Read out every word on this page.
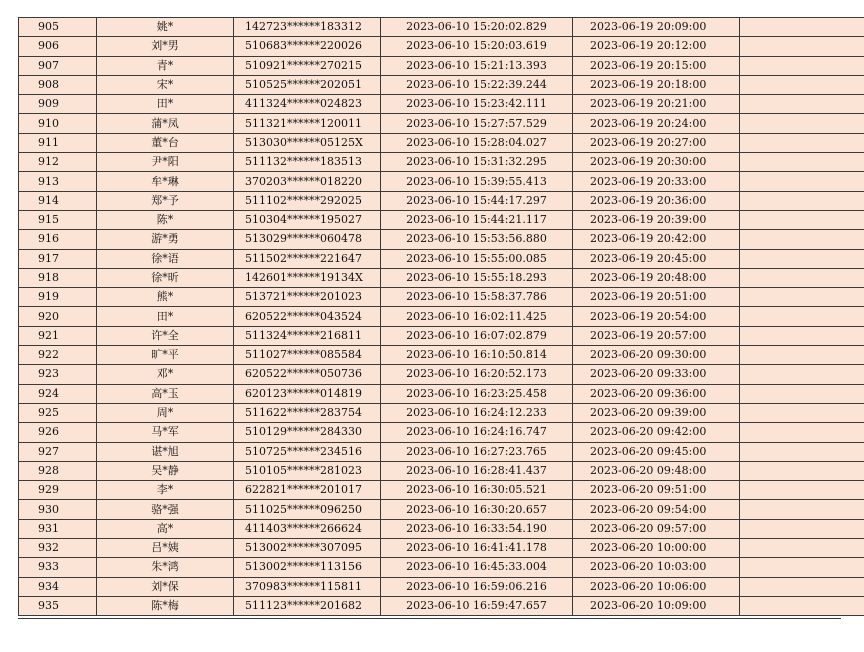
905	姚*	142723******183312	2023-06-10 15:20:02.829	2023-06-19 20:09:00	
906	刘*男	510683******220026	2023-06-10 15:20:03.619	2023-06-19 20:12:00	
907	青*	510921******270215	2023-06-10 15:21:13.393	2023-06-19 20:15:00	
908	宋*	510525******202051	2023-06-10 15:22:39.244	2023-06-19 20:18:00	
909	田*	411324******024823	2023-06-10 15:23:42.111	2023-06-19 20:21:00	
910	蒲*凤	511321******120011	2023-06-10 15:27:57.529	2023-06-19 20:24:00	
911	董*台	513030******05125X	2023-06-10 15:28:04.027	2023-06-19 20:27:00	
912	尹*阳	511132******183513	2023-06-10 15:31:32.295	2023-06-19 20:30:00	
913	牟*琳	370203******018220	2023-06-10 15:39:55.413	2023-06-19 20:33:00	
914	郑*予	511102******292025	2023-06-10 15:44:17.297	2023-06-19 20:36:00	
915	陈*	510304******195027	2023-06-10 15:44:21.117	2023-06-19 20:39:00	
916	游*勇	513029******060478	2023-06-10 15:53:56.880	2023-06-19 20:42:00	
917	徐*语	511502******221647	2023-06-10 15:55:00.085	2023-06-19 20:45:00	
918	徐*昕	142601******19134X	2023-06-10 15:55:18.293	2023-06-19 20:48:00	
919	熊*	513721******201023	2023-06-10 15:58:37.786	2023-06-19 20:51:00	
920	田*	620522******043524	2023-06-10 16:02:11.425	2023-06-19 20:54:00	
921	许*全	511324******216811	2023-06-10 16:07:02.879	2023-06-19 20:57:00	
922	旷*平	511027******085584	2023-06-10 16:10:50.814	2023-06-20 09:30:00	
923	邓*	620522******050736	2023-06-10 16:20:52.173	2023-06-20 09:33:00	
924	高*玉	620123******014819	2023-06-10 16:23:25.458	2023-06-20 09:36:00	
925	周*	511622******283754	2023-06-10 16:24:12.233	2023-06-20 09:39:00	
926	马*军	510129******284330	2023-06-10 16:24:16.747	2023-06-20 09:42:00	
927	谌*旭	510725******234516	2023-06-10 16:27:23.765	2023-06-20 09:45:00	
928	吴*静	510105******281023	2023-06-10 16:28:41.437	2023-06-20 09:48:00	
929	李*	622821******201017	2023-06-10 16:30:05.521	2023-06-20 09:51:00	
930	骆*强	511025******096250	2023-06-10 16:30:20.657	2023-06-20 09:54:00	
931	高*	411403******266624	2023-06-10 16:33:54.190	2023-06-20 09:57:00	
932	吕*姨	513002******307095	2023-06-10 16:41:41.178	2023-06-20 10:00:00	
933	朱*鸿	513002******113156	2023-06-10 16:45:33.004	2023-06-20 10:03:00	
934	刘*保	370983******115811	2023-06-10 16:59:06.216	2023-06-20 10:06:00	
935	陈*梅	511123******201682	2023-06-10 16:59:47.657	2023-06-20 10:09:00	
